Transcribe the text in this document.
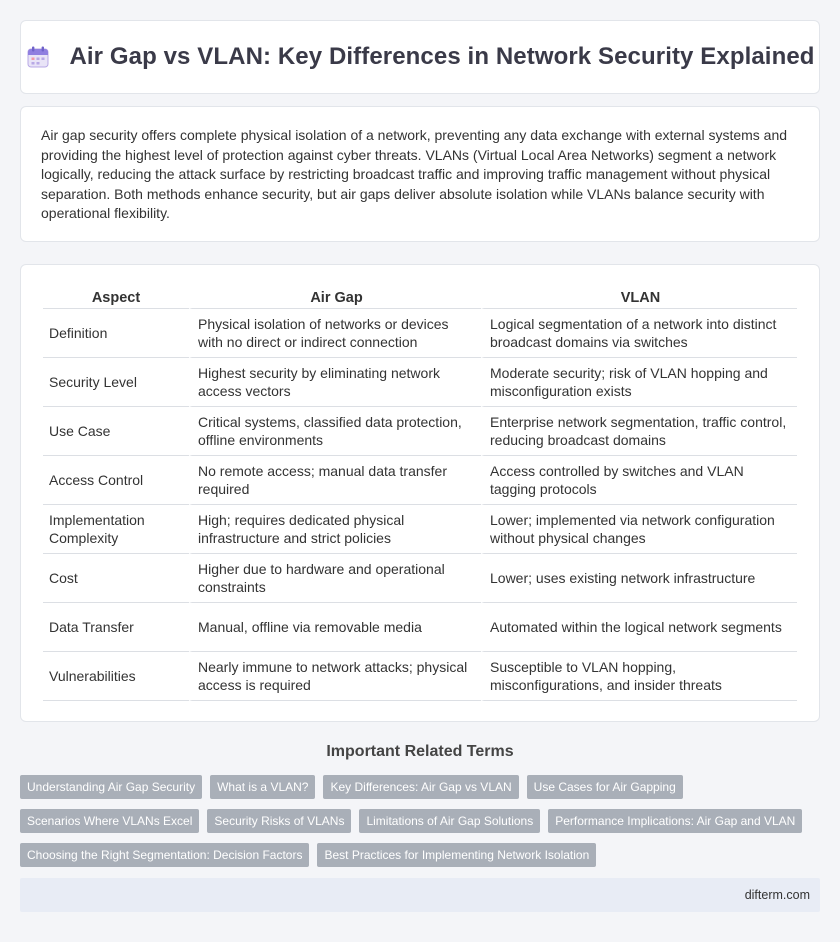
Air Gap vs VLAN: Key Differences in Network Security Explained

Air gap security offers complete physical isolation of a network, preventing any data exchange with external systems and providing the highest level of protection against cyber threats. VLANs (Virtual Local Area Networks) segment a network logically, reducing the attack surface by restricting broadcast traffic and improving traffic management without physical separation. Both methods enhance security, but air gaps deliver absolute isolation while VLANs balance security with operational flexibility.

Aspect	Air Gap	VLAN
Definition	Physical isolation of networks or devices with no direct or indirect connection	Logical segmentation of a network into distinct broadcast domains via switches
Security Level	Highest security by eliminating network access vectors	Moderate security; risk of VLAN hopping and misconfiguration exists
Use Case	Critical systems, classified data protection, offline environments	Enterprise network segmentation, traffic control, reducing broadcast domains
Access Control	No remote access; manual data transfer required	Access controlled by switches and VLAN tagging protocols
Implementation Complexity	High; requires dedicated physical infrastructure and strict policies	Lower; implemented via network configuration without physical changes
Cost	Higher due to hardware and operational constraints	Lower; uses existing network infrastructure
Data Transfer	Manual, offline via removable media	Automated within the logical network segments
Vulnerabilities	Nearly immune to network attacks; physical access is required	Susceptible to VLAN hopping, misconfigurations, and insider threats
Important Related Terms
Understanding Air Gap Security	What is a VLAN?	Key Differences: Air Gap vs VLAN	Use Cases for Air Gapping
Scenarios Where VLANs Excel	Security Risks of VLANs	Limitations of Air Gap Solutions	Performance Implications: Air Gap and VLAN
Choosing the Right Segmentation: Decision Factors	Best Practices for Implementing Network Isolation
difterm.com
